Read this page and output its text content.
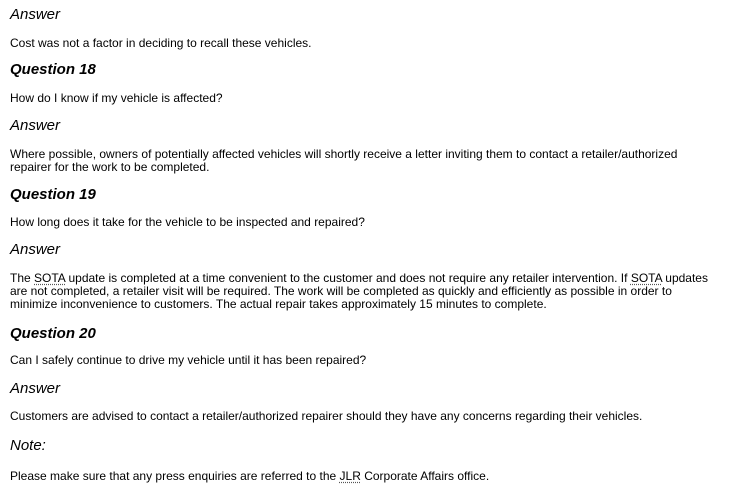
Answer

Cost was not a factor in deciding to recall these vehicles.

Question 18

How do I know if my vehicle is affected?

Answer

Where possible, owners of potentially affected vehicles will shortly receive a letter inviting them to contact a retailer/authorized repairer for the work to be completed.

Question 19

How long does it take for the vehicle to be inspected and repaired?

Answer

The SOTA update is completed at a time convenient to the customer and does not require any retailer intervention. If SOTA updates are not completed, a retailer visit will be required. The work will be completed as quickly and efficiently as possible in order to minimize inconvenience to customers. The actual repair takes approximately 15 minutes to complete.

Question 20

Can I safely continue to drive my vehicle until it has been repaired?

Answer

Customers are advised to contact a retailer/authorized repairer should they have any concerns regarding their vehicles.

Note:

Please make sure that any press enquiries are referred to the JLR Corporate Affairs office.
